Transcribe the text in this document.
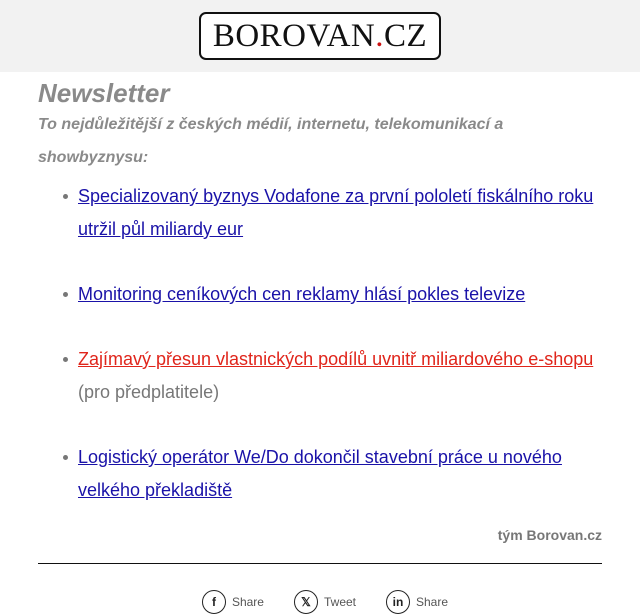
BOROVAN.CZ
Newsletter

To nejdůležitější z českých médií, internetu, telekomunikací a showbyznysu:

Specializovaný byznys Vodafone za první pololetí fiskálního roku utržil půl miliardy eur
Monitoring ceníkových cen reklamy hlásí pokles televize
Zajímavý přesun vlastnických podílů uvnitř miliardového e-shopu
(pro předplatitele)
Logistický operátor We/Do dokončil stavební práce u nového velkého překladiště
tým Borovan.cz
f	Share	𝕏	Tweet	in	Share
